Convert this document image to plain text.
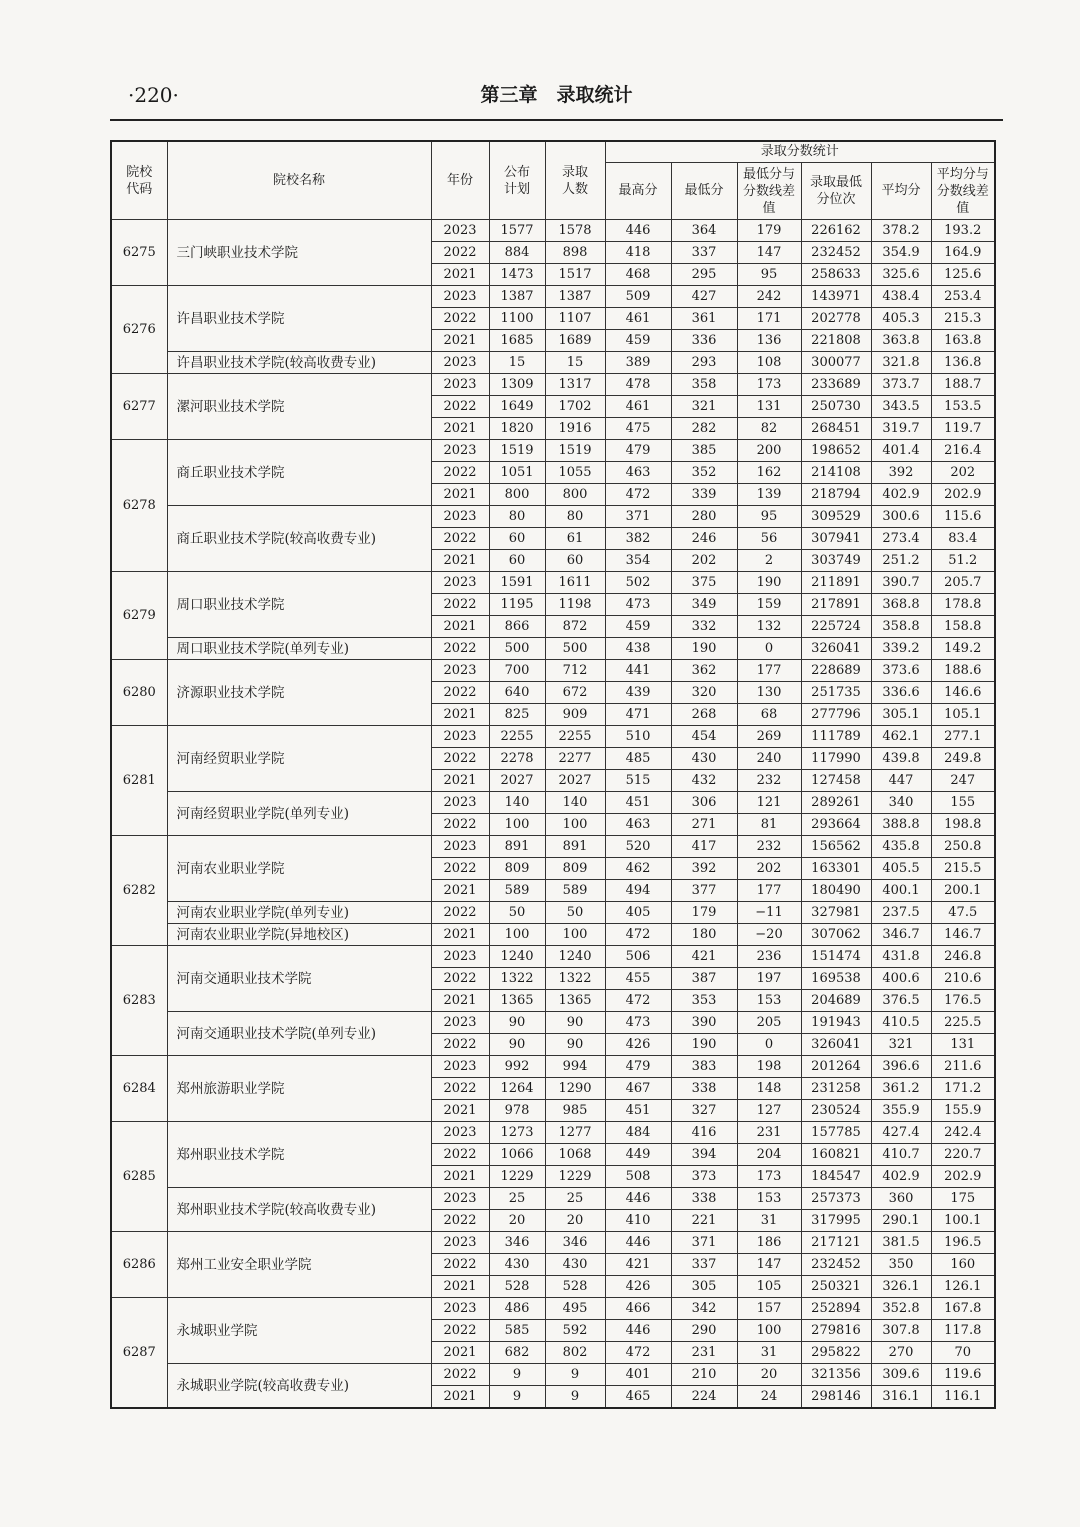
·220·	第三章　录取统计
院校代码	院校名称	年份	公布计划	录取人数	录取分数统计					
					最高分	最低分	最低分与分数线差值	录取最低分位次	平均分	平均分与分数线差值
6275	三门峡职业技术学院	2023	1577	1578	446	364	179	226162	378.2	193.2
		2022	884	898	418	337	147	232452	354.9	164.9
		2021	1473	1517	468	295	95	258633	325.6	125.6
6276	许昌职业技术学院	2023	1387	1387	509	427	242	143971	438.4	253.4
		2022	1100	1107	461	361	171	202778	405.3	215.3
		2021	1685	1689	459	336	136	221808	363.8	163.8
	许昌职业技术学院(较高收费专业)	2023	15	15	389	293	108	300077	321.8	136.8
6277	漯河职业技术学院	2023	1309	1317	478	358	173	233689	373.7	188.7
		2022	1649	1702	461	321	131	250730	343.5	153.5
		2021	1820	1916	475	282	82	268451	319.7	119.7
6278	商丘职业技术学院	2023	1519	1519	479	385	200	198652	401.4	216.4
		2022	1051	1055	463	352	162	214108	392	202
		2021	800	800	472	339	139	218794	402.9	202.9
	商丘职业技术学院(较高收费专业)	2023	80	80	371	280	95	309529	300.6	115.6
		2022	60	61	382	246	56	307941	273.4	83.4
		2021	60	60	354	202	2	303749	251.2	51.2
6279	周口职业技术学院	2023	1591	1611	502	375	190	211891	390.7	205.7
		2022	1195	1198	473	349	159	217891	368.8	178.8
		2021	866	872	459	332	132	225724	358.8	158.8
	周口职业技术学院(单列专业)	2022	500	500	438	190	0	326041	339.2	149.2
6280	济源职业技术学院	2023	700	712	441	362	177	228689	373.6	188.6
		2022	640	672	439	320	130	251735	336.6	146.6
		2021	825	909	471	268	68	277796	305.1	105.1
6281	河南经贸职业学院	2023	2255	2255	510	454	269	111789	462.1	277.1
		2022	2278	2277	485	430	240	117990	439.8	249.8
		2021	2027	2027	515	432	232	127458	447	247
	河南经贸职业学院(单列专业)	2023	140	140	451	306	121	289261	340	155
		2022	100	100	463	271	81	293664	388.8	198.8
6282	河南农业职业学院	2023	891	891	520	417	232	156562	435.8	250.8
		2022	809	809	462	392	202	163301	405.5	215.5
		2021	589	589	494	377	177	180490	400.1	200.1
	河南农业职业学院(单列专业)	2022	50	50	405	179	−11	327981	237.5	47.5
	河南农业职业学院(异地校区)	2021	100	100	472	180	−20	307062	346.7	146.7
6283	河南交通职业技术学院	2023	1240	1240	506	421	236	151474	431.8	246.8
		2022	1322	1322	455	387	197	169538	400.6	210.6
		2021	1365	1365	472	353	153	204689	376.5	176.5
	河南交通职业技术学院(单列专业)	2023	90	90	473	390	205	191943	410.5	225.5
		2022	90	90	426	190	0	326041	321	131
6284	郑州旅游职业学院	2023	992	994	479	383	198	201264	396.6	211.6
		2022	1264	1290	467	338	148	231258	361.2	171.2
		2021	978	985	451	327	127	230524	355.9	155.9
6285	郑州职业技术学院	2023	1273	1277	484	416	231	157785	427.4	242.4
		2022	1066	1068	449	394	204	160821	410.7	220.7
		2021	1229	1229	508	373	173	184547	402.9	202.9
	郑州职业技术学院(较高收费专业)	2023	25	25	446	338	153	257373	360	175
		2022	20	20	410	221	31	317995	290.1	100.1
6286	郑州工业安全职业学院	2023	346	346	446	371	186	217121	381.5	196.5
		2022	430	430	421	337	147	232452	350	160
		2021	528	528	426	305	105	250321	326.1	126.1
6287	永城职业学院	2023	486	495	466	342	157	252894	352.8	167.8
		2022	585	592	446	290	100	279816	307.8	117.8
		2021	682	802	472	231	31	295822	270	70
	永城职业学院(较高收费专业)	2022	9	9	401	210	20	321356	309.6	119.6
		2021	9	9	465	224	24	298146	316.1	116.1
